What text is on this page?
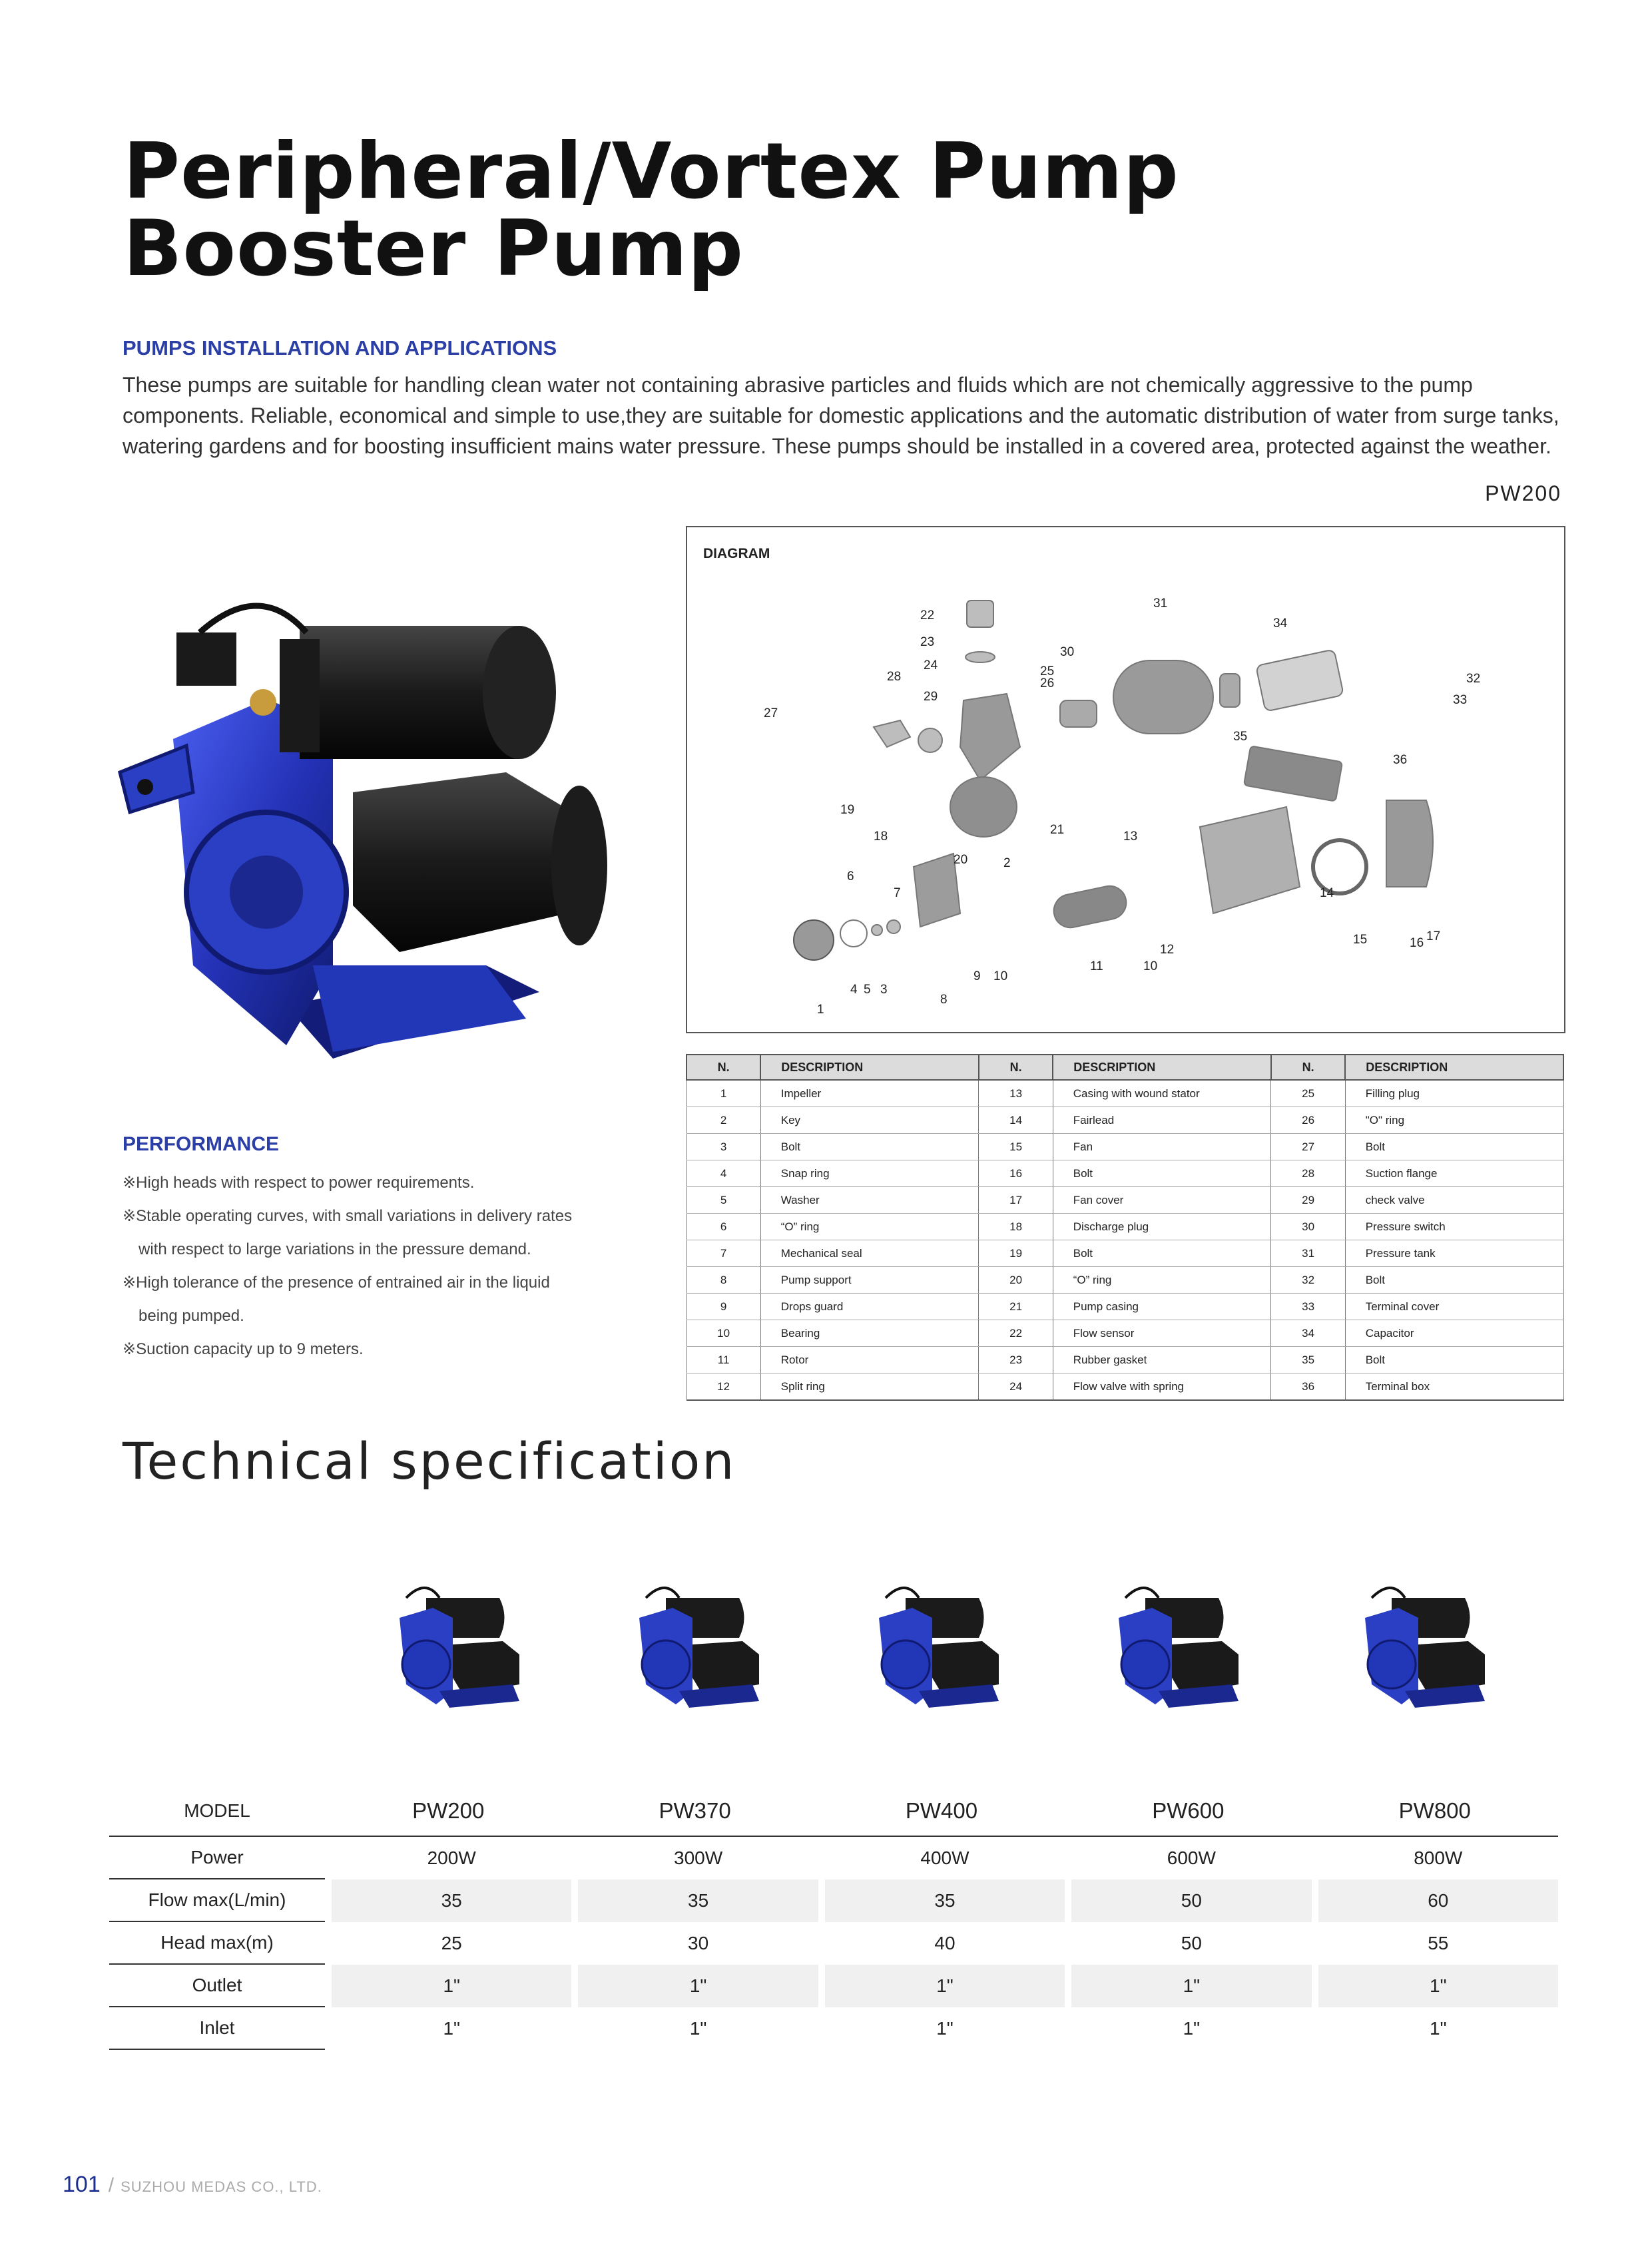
Peripheral/Vortex Pump
Booster Pump
PUMPS INSTALLATION AND APPLICATIONS
These pumps are suitable for handling clean water not containing abrasive particles and fluids which are not chemically aggressive to the pump components. Reliable, economical and simple to use,they are suitable for domestic applications and the automatic distribution of water from surge tanks, watering gardens and for boosting insufficient mains water pressure. These pumps should be installed in a covered area, protected against the weather.
PW200
DIAGRAM
1
2
3
4 5
6
7
8
9 10
10
11
12
13
14
15	16 17
18
19
20
21
22
23
24	25
26
27
28
29
30
31
32
33
34
35
36
N.	DESCRIPTION	N.	DESCRIPTION	N.	DESCRIPTION
1	Impeller	13	Casing with wound stator	25	Filling plug
2	Key	14	Fairlead	26	"O" ring
3	Bolt	15	Fan	27	Bolt
4	Snap ring	16	Bolt	28	Suction flange
5	Washer	17	Fan cover	29	check valve
6	“O” ring	18	Discharge plug	30	Pressure switch
7	Mechanical seal	19	Bolt	31	Pressure tank
8	Pump support	20	“O” ring	32	Bolt
9	Drops guard	21	Pump casing	33	Terminal cover
10	Bearing	22	Flow sensor	34	Capacitor
11	Rotor	23	Rubber gasket	35	Bolt
12	Split ring	24	Flow valve with spring	36	Terminal box
PERFORMANCE
※High heads with respect to power requirements.
※Stable operating curves, with small variations in delivery rates
with respect to large variations in the pressure demand.
※High tolerance of the presence of entrained air in the liquid
being pumped.
※Suction capacity up to 9 meters.
Technical specification
MODEL	PW200	PW370	PW400	PW600	PW800
Power	200W	300W	400W	600W	800W
Flow max(L/min)	35	35	35	50	60
Head max(m)	25	30	40	50	55
Outlet	1"	1"	1"	1"	1"
Inlet	1"	1"	1"	1"	1"
101 / SUZHOU MEDAS CO., LTD.
